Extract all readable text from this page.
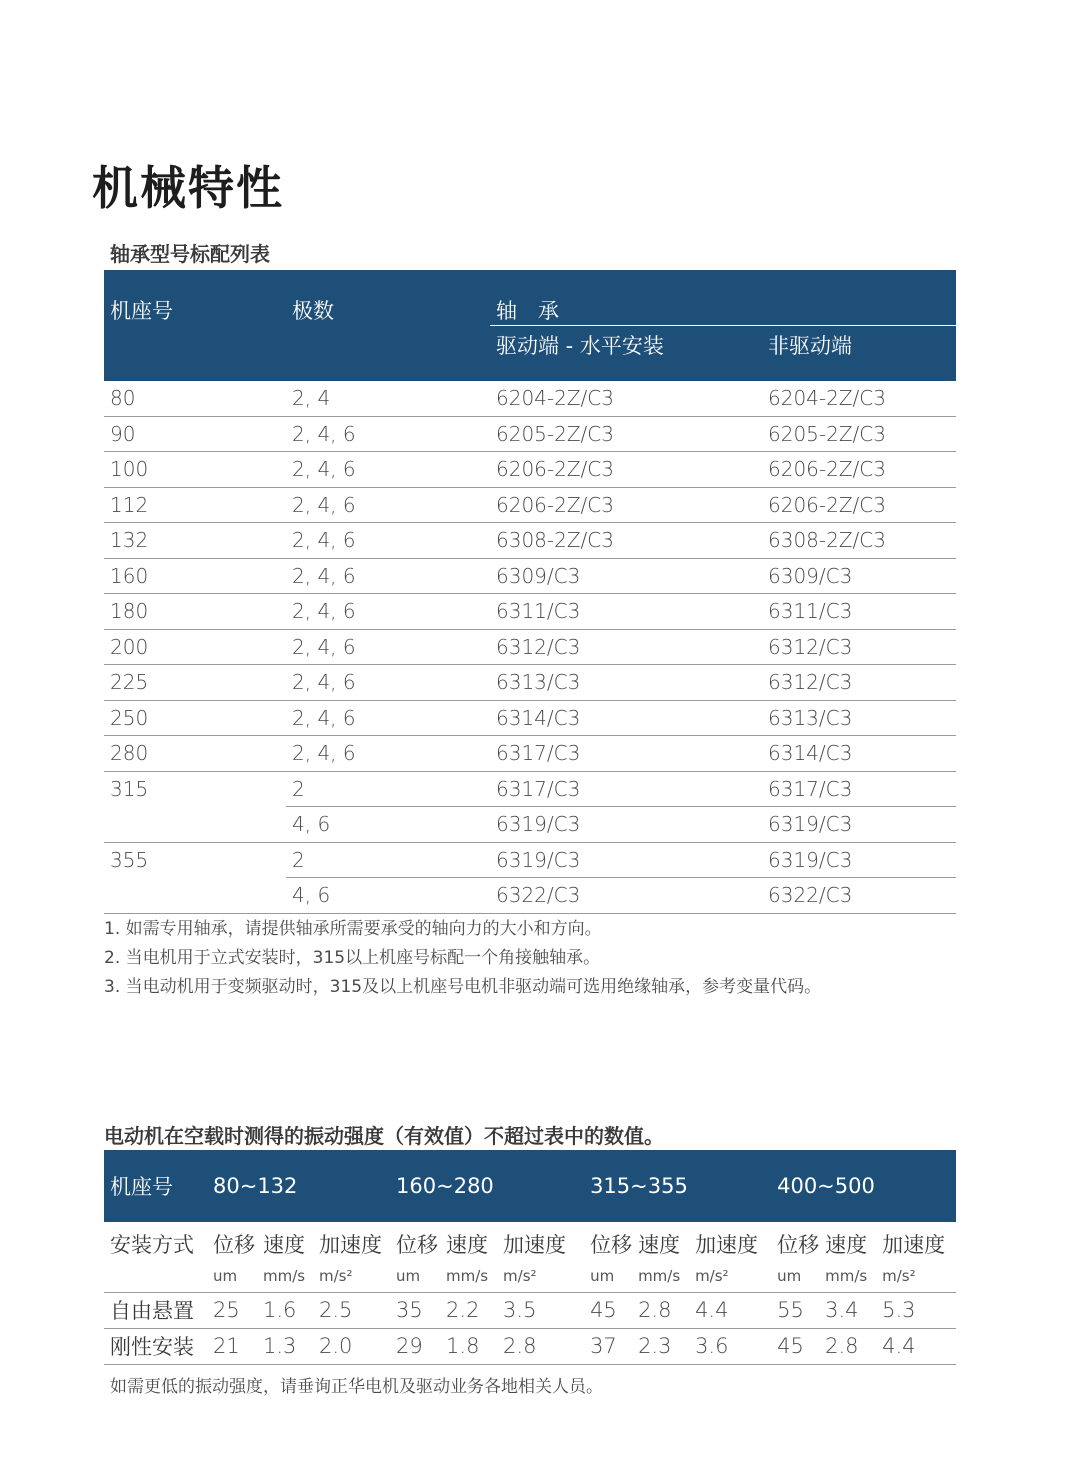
机械特性
轴承型号标配列表
机座号	极数	轴　承	
		驱动端 - 水平安装	非驱动端
80	2, 4	6204-2Z/C3	6204-2Z/C3
90	2, 4, 6	6205-2Z/C3	6205-2Z/C3
100	2, 4, 6	6206-2Z/C3	6206-2Z/C3
112	2, 4, 6	6206-2Z/C3	6206-2Z/C3
132	2, 4, 6	6308-2Z/C3	6308-2Z/C3
160	2, 4, 6	6309/C3	6309/C3
180	2, 4, 6	6311/C3	6311/C3
200	2, 4, 6	6312/C3	6312/C3
225	2, 4, 6	6313/C3	6312/C3
250	2, 4, 6	6314/C3	6313/C3
280	2, 4, 6	6317/C3	6314/C3
315	2	6317/C3	6317/C3
	4, 6	6319/C3	6319/C3
355	2	6319/C3	6319/C3
	4, 6	6322/C3	6322/C3
1. 如需专用轴承，请提供轴承所需要承受的轴向力的大小和方向。
2. 当电机用于立式安装时，315以上机座号标配一个角接触轴承。
3. 当电动机用于变频驱动时，315及以上机座号电机非驱动端可选用绝缘轴承，参考变量代码。
电动机在空载时测得的振动强度（有效值）不超过表中的数值。
机座号	80~132			160~280			315~355			400~500		
安装方式	位移	速度	加速度	位移	速度	加速度	位移	速度	加速度	位移	速度	加速度
	um	mm/s	m/s²	um	mm/s	m/s²	um	mm/s	m/s²	um	mm/s	m/s²
自由悬置	25	1.6	2.5	35	2.2	3.5	45	2.8	4.4	55	3.4	5.3
刚性安装	21	1.3	2.0	29	1.8	2.8	37	2.3	3.6	45	2.8	4.4
如需更低的振动强度，请垂询正华电机及驱动业务各地相关人员。
